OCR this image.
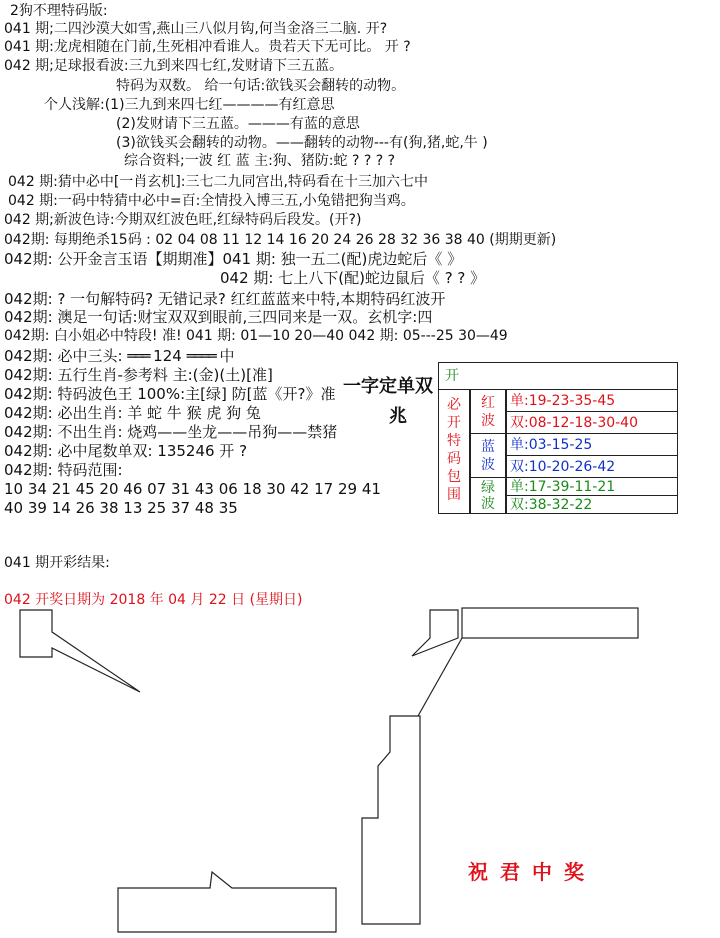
2狗不理特码版:
041 期;二四沙漠大如雪,燕山三八似月钩,何当金洛三二脑. 开?
041 期:龙虎相随在门前,生死相冲看谁人。贵若天下无可比。 开 ?
042 期;足球报看波:三九到来四七红,发财请下三五蓝。
特码为双数。 给一句话:欲钱买会翻转的动物。
个人浅解:(1)三九到来四七红————有红意思
(2)发财请下三五蓝。———有蓝的意思
(3)欲钱买会翻转的动物。——翻转的动物---有(狗,猪,蛇,牛 )
综合资料;一波 红 蓝 主:狗、猪防:蛇 ? ? ? ?
042 期:猜中必中[一肖玄机]:三七二九同宫出,特码看在十三加六七中
042 期:一码中特猜中必中=百:全情投入博三五,小兔错把狗当鸡。
042 期;新波色诗:今期双红波色旺,红绿特码后段发。(开?)
042期: 每期绝杀15码 : 02 04 08 11 12 14 16 20 24 26 28 32 36 38 40 (期期更新)
042期: 公开金言玉语【期期准】041 期: 独一五二(配)虎边蛇后《 》
042 期: 七上八下(配)蛇边鼠后《 ? ? 》
042期: ? 一句解特码? 无错记录? 红红蓝蓝来中特,本期特码红波开
042期: 澳足一句话:财宝双双到眼前,三四同来是一双。玄机字:四
042期: 白小姐必中特段! 准! 041 期: 01—10 20—40 042 期: 05---25 30—49
042期: 必中三头: ═══ 124 ════ 中
042期: 五行生肖-参考料 主:(金)(土)[准]
042期: 特码波色王 100%:主[绿] 防[蓝《开?》准
042期: 必出生肖: 羊 蛇 牛 猴 虎 狗 兔
042期: 不出生肖: 烧鸡——坐龙——吊狗——禁猪
042期: 必中尾数单双: 135246 开 ?
042期: 特码范围:
10 34 21 45 20 46 07 31 43 06 18 30 42 17 29 41
40 39 14 26 38 13 25 37 48 35
一字定单双
兆
开
必开特码包围
红波
单:19-23-35-45
双:08-12-18-30-40
蓝波
单:03-15-25
双:10-20-26-42
绿波
单:17-39-11-21
双:38-32-22
041 期开彩结果:
042 开奖日期为 2018 年 04 月 22 日 (星期日)
祝君中奖
